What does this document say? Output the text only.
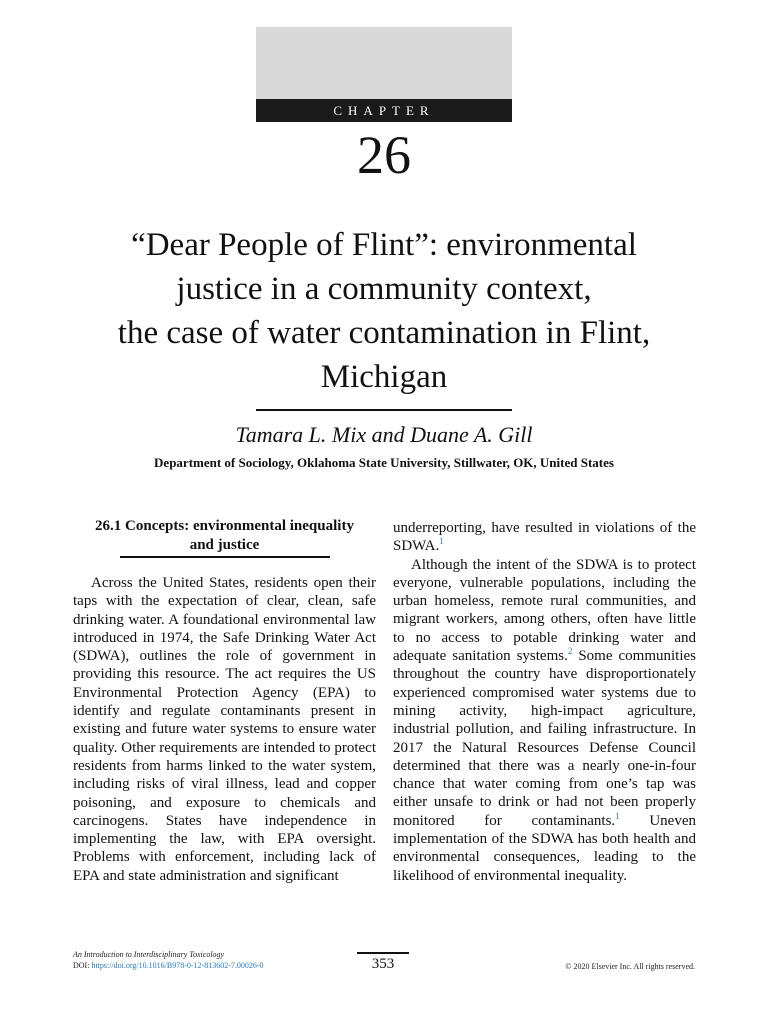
CHAPTER
26
“Dear People of Flint”: environmental
justice in a community context,
the case of water contamination in Flint,
Michigan
Tamara L. Mix and Duane A. Gill
Department of Sociology, Oklahoma State University, Stillwater, OK, United States
26.1 Concepts: environmental inequality
and justice

Across the United States, residents open their taps with the expectation of clear, clean, safe drinking water. A foundational environmental law introduced in 1974, the Safe Drinking Water Act (SDWA), outlines the role of government in providing this resource. The act requires the US Environmental Protection Agency (EPA) to identify and regulate contaminants present in existing and future water systems to ensure water quality. Other requirements are intended to protect residents from harms linked to the water system, including risks of viral illness, lead and copper poisoning, and exposure to chemicals and carcinogens. States have independence in implementing the law, with EPA oversight. Problems with enforcement, including lack of EPA and state administration and significant

underreporting, have resulted in violations of the SDWA.$^1$

Although the intent of the SDWA is to protect everyone, vulnerable populations, including the urban homeless, remote rural communities, and migrant workers, among others, often have little to no access to potable drinking water and adequate sanitation systems.$^2$ Some communities throughout the country have disproportionately experienced compromised water systems due to mining activity, high-impact agriculture, industrial pollution, and failing infrastructure. In 2017 the Natural Resources Defense Council determined that there was a nearly one-in-four chance that water coming from one’s tap was either unsafe to drink or had not been properly monitored for contaminants.$^1$ Uneven implementation of the SDWA has both health and environmental consequences, leading to the likelihood of environmental inequality.

An Introduction to Interdisciplinary Toxicology
DOI: https://doi.org/10.1016/B978-0-12-813602-7.00026-0	353	© 2020 Elsevier Inc. All rights reserved.
